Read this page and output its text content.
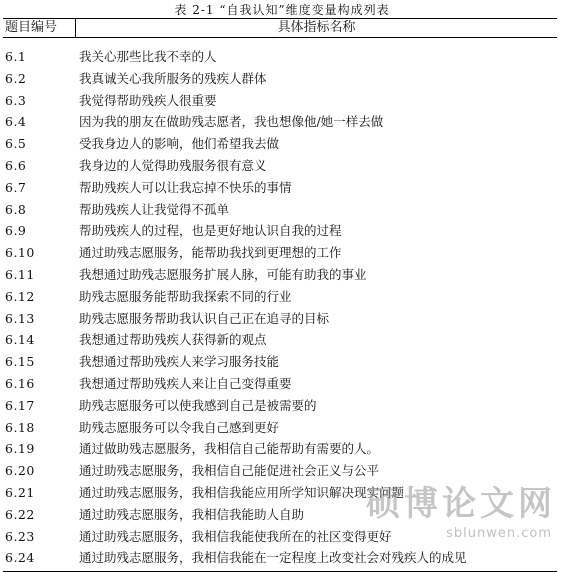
表 2-1 “自我认知”维度变量构成列表
题目编号	具体指标名称
6.1	我关心那些比我不幸的人
6.2	我真诚关心我所服务的残疾人群体
6.3	我觉得帮助残疾人很重要
6.4	因为我的朋友在做助残志愿者，我也想像他/她一样去做
6.5	受我身边人的影响，他们希望我去做
6.6	我身边的人觉得助残服务很有意义
6.7	帮助残疾人可以让我忘掉不快乐的事情
6.8	帮助残疾人让我觉得不孤单
6.9	帮助残疾人的过程，也是更好地认识自我的过程
6.10	通过助残志愿服务，能帮助我找到更理想的工作
6.11	我想通过助残志愿服务扩展人脉，可能有助我的事业
6.12	助残志愿服务能帮助我探索不同的行业
6.13	助残志愿服务帮助我认识自己正在追寻的目标
6.14	我想通过帮助残疾人获得新的观点
6.15	我想通过帮助残疾人来学习服务技能
6.16	我想通过帮助残疾人来让自己变得重要
6.17	助残志愿服务可以使我感到自己是被需要的
6.18	助残志愿服务可以令我自己感到更好
6.19	通过做助残志愿服务，我相信自己能帮助有需要的人。
6.20	通过助残志愿服务，我相信自己能促进社会正义与公平
6.21	通过助残志愿服务，我相信我能应用所学知识解决现实问题
6.22	通过助残志愿服务，我相信我能助人自助
6.23	通过助残志愿服务，我相信我能使我所在的社区变得更好
6.24	通过助残志愿服务，我相信我能在一定程度上改变社会对残疾人的成见
硕博论文网
sblunwen.com
